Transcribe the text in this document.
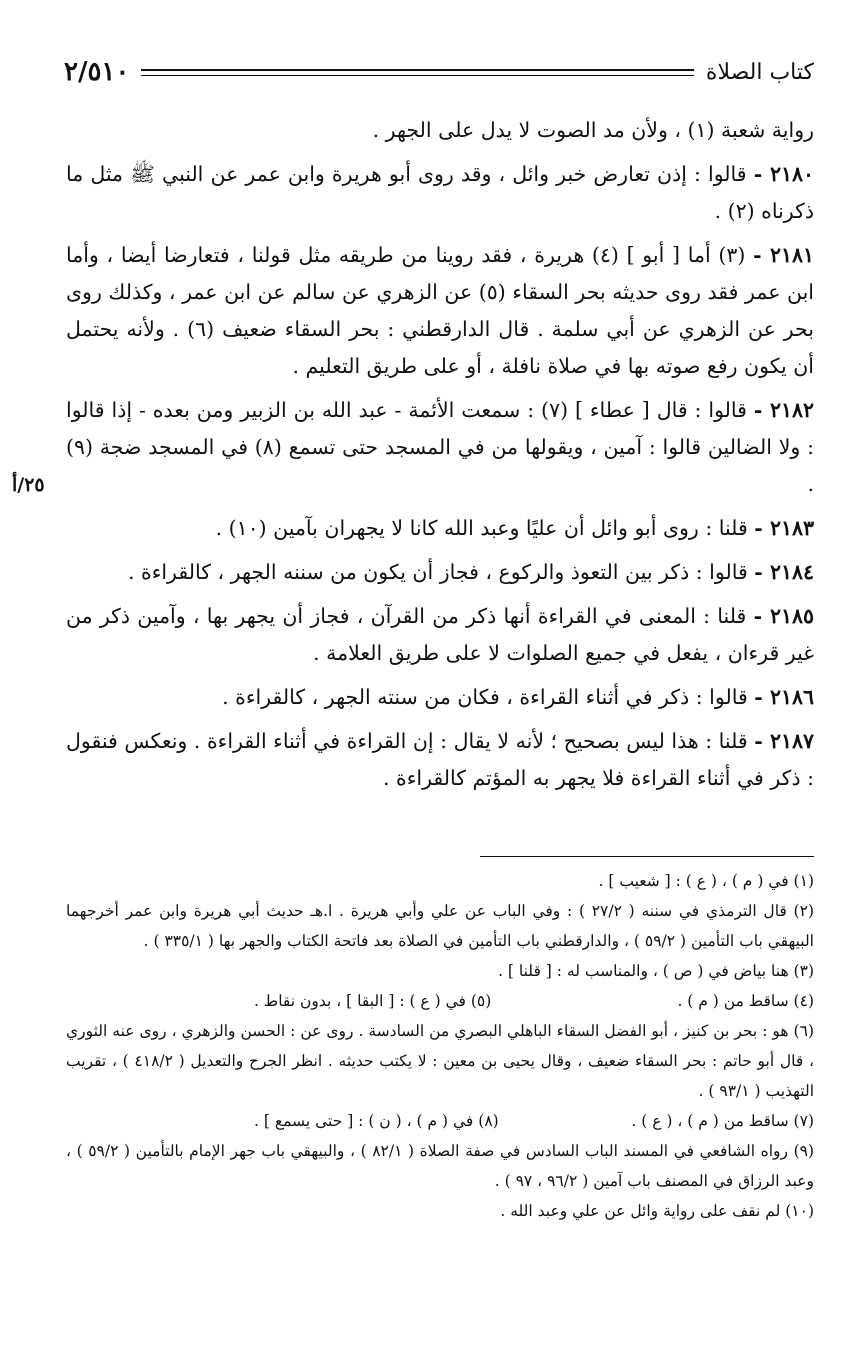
٢/٥١٠	كتاب الصلاة
٢٥/أ

رواية شعبة (١) ، ولأن مد الصوت لا يدل على الجهر .

٢١٨٠ - قالوا : إذن تعارض خبر وائل ، وقد روى أبو هريرة وابن عمر عن النبي ﷺ مثل ما ذكرناه (٢) .

٢١٨١ - (٣) أما [ أبو ] (٤) هريرة ، فقد روينا من طريقه مثل قولنا ، فتعارضا أيضا ، وأما ابن عمر فقد روى حديثه بحر السقاء (٥) عن الزهري عن سالم عن ابن عمر ، وكذلك روى بحر عن الزهري عن أبي سلمة . قال الدارقطني : بحر السقاء ضعيف (٦) . ولأنه يحتمل أن يكون رفع صوته بها في صلاة نافلة ، أو على طريق التعليم .

٢١٨٢ - قالوا : قال [ عطاء ] (٧) : سمعت الأئمة - عبد الله بن الزبير ومن بعده - إذا قالوا : ولا الضالين قالوا : آمين ، ويقولها من في المسجد حتى تسمع (٨) في المسجد ضجة (٩) .

٢١٨٣ - قلنا : روى أبو وائل أن عليًا وعبد الله كانا لا يجهران بآمين (١٠) .

٢١٨٤ - قالوا : ذكر بين التعوذ والركوع ، فجاز أن يكون من سننه الجهر ، كالقراءة .

٢١٨٥ - قلنا : المعنى في القراءة أنها ذكر من القرآن ، فجاز أن يجهر بها ، وآمين ذكر من غير قرءان ، يفعل في جميع الصلوات لا على طريق العلامة .

٢١٨٦ - قالوا : ذكر في أثناء القراءة ، فكان من سنته الجهر ، كالقراءة .

٢١٨٧ - قلنا : هذا ليس بصحيح ؛ لأنه لا يقال : إن القراءة في أثناء القراءة . ونعكس فنقول : ذكر في أثناء القراءة فلا يجهر به المؤتم كالقراءة .

(١) في ( م ) ، ( ع ) : [ شعيب ] .

(٢) قال الترمذي في سننه ( ٢٧/٢ ) : وفي الباب عن علي وأبي هريرة . ا.هـ حديث أبي هريرة وابن عمر أخرجهما البيهقي باب التأمين ( ٥٩/٢ ) ، والدارقطني باب التأمين في الصلاة بعد فاتحة الكتاب والجهر بها ( ٣٣٥/١ ) .

(٣) هنا بياض في ( ص ) ، والمناسب له : [ قلنا ] .

(٤) ساقط من ( م ) .
(٥) في ( ع ) : [ البقا ] ، بدون نقاط .

(٦) هو : بحر بن كنيز ، أبو الفضل السقاء الباهلي البصري من السادسة . روى عن : الحسن والزهري ، روى عنه الثوري ، قال أبو حاتم : بحر السقاء ضعيف ، وقال يحيى بن معين : لا يكتب حديثه . انظر الجرح والتعديل ( ٤١٨/٢ ) ، تقريب التهذيب ( ٩٣/١ ) .

(٧) ساقط من ( م ) ، ( ع ) .
(٨) في ( م ) ، ( ن ) : [ حتى يسمع ] .

(٩) رواه الشافعي في المسند الباب السادس في صفة الصلاة ( ٨٢/١ ) ، والبيهقي باب جهر الإمام بالتأمين ( ٥٩/٢ ) ، وعبد الرزاق في المصنف باب آمين ( ٩٦/٢ ، ٩٧ ) .

(١٠) لم نقف على رواية وائل عن علي وعبد الله .
